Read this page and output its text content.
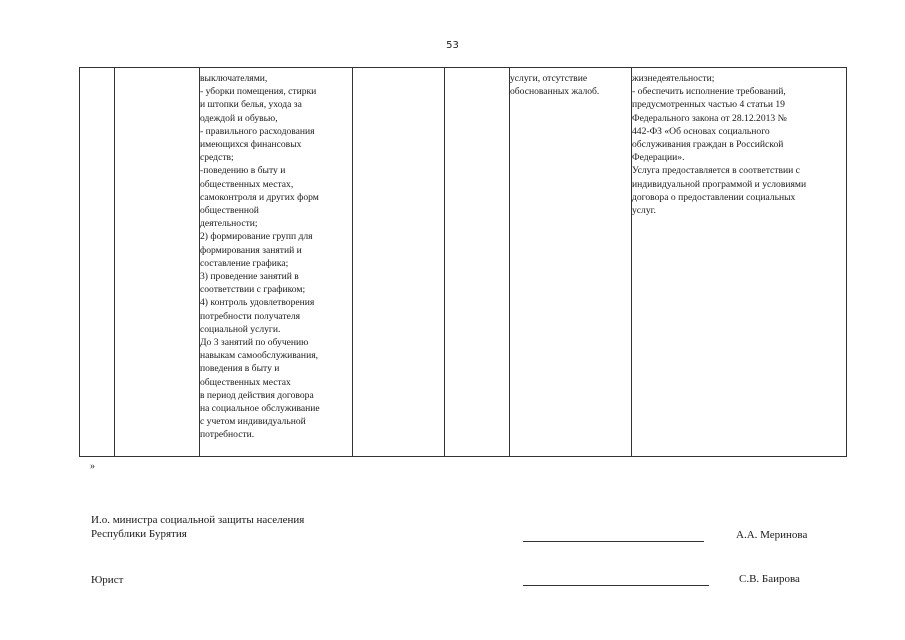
53
выключателями,
- уборки помещения, стирки
и штопки белья, ухода за
одеждой и обувью,
- правильного расходования
имеющихся финансовых
средств;
-поведению в быту и
общественных местах,
самоконтроля и других форм
общественной
деятельности;
2) формирование групп для
формирования занятий и
составление графика;
3) проведение занятий в
соответствии с графиком;
4) контроль удовлетворения
потребности получателя
социальной услуги.
До 3 занятий по обучению
навыкам самообслуживания,
поведения в быту и
общественных местах
в период действия договора
на социальное обслуживание
с учетом индивидуальной
потребности.
услуги, отсутствие
обоснованных жалоб.
жизнедеятельности;
- обеспечить исполнение требований,
предусмотренных частью 4 статьи 19
Федерального закона от 28.12.2013 №
442-ФЗ «Об основах социального
обслуживания граждан в Российской
Федерации».
Услуга предоставляется в соответствии с
индивидуальной программой и условиями
договора о предоставлении социальных
услуг.
»
И.о. министра социальной защиты населения
Республики Бурятия	А.А. Меринова
Юрист	С.В. Баирова
